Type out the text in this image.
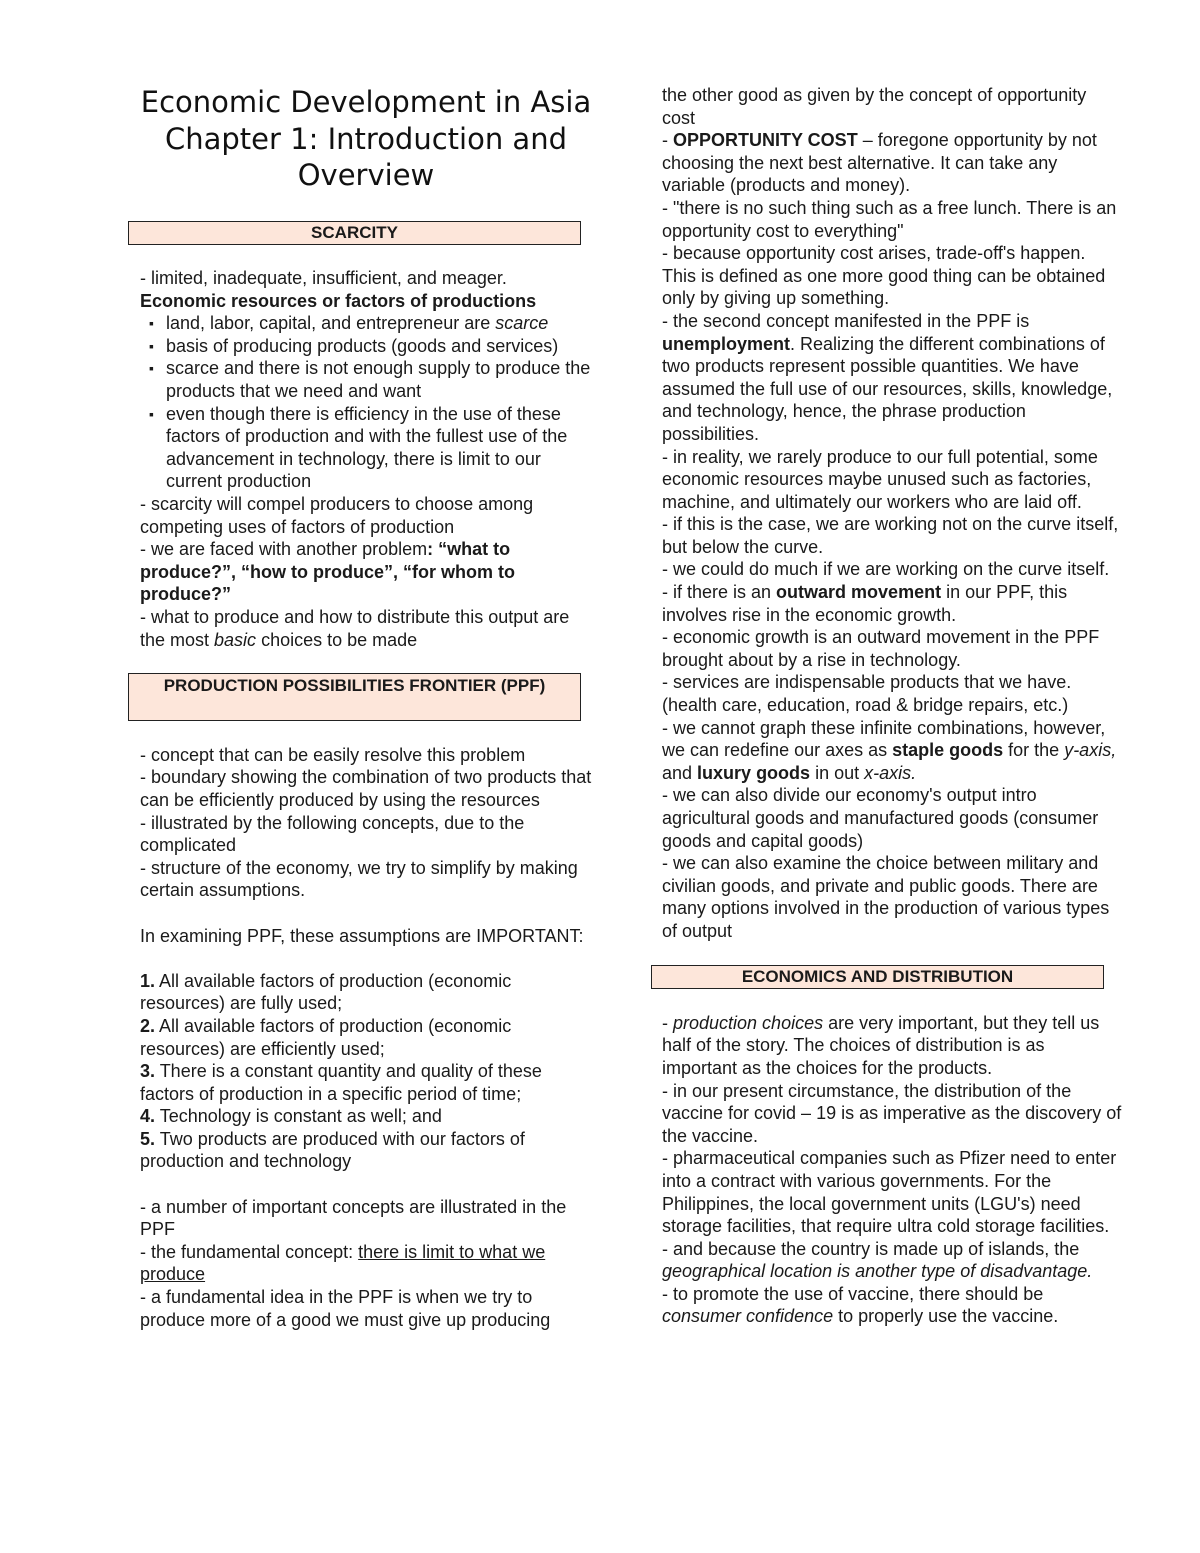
Economic Development in Asia
Chapter 1: Introduction and Overview
SCARCITY

- limited, inadequate, insufficient, and meager.

Economic resources or factors of productions

▪ land, labor, capital, and entrepreneur are scarce
▪ basis of producing products (goods and services)
▪ scarce and there is not enough supply to produce the products that we need and want
▪ even though there is efficiency in the use of these factors of production and with the fullest use of the advancement in technology, there is limit to our current production

- scarcity will compel producers to choose among competing uses of factors of production

- we are faced with another problem: “what to produce?”, “how to produce”, “for whom to produce?”

- what to produce and how to distribute this output are the most basic choices to be made

PRODUCTION POSSIBILITIES FRONTIER (PPF)

- concept that can be easily resolve this problem

- boundary showing the combination of two products that can be efficiently produced by using the resources

- illustrated by the following concepts, due to the complicated

- structure of the economy, we try to simplify by making certain assumptions.

In examining PPF, these assumptions are IMPORTANT:

1. All available factors of production (economic resources) are fully used;

2. All available factors of production (economic resources) are efficiently used;

3. There is a constant quantity and quality of these factors of production in a specific period of time;

4. Technology is constant as well; and

5. Two products are produced with our factors of production and technology

- a number of important concepts are illustrated in the PPF

- the fundamental concept: there is limit to what we produce

- a fundamental idea in the PPF is when we try to produce more of a good we must give up producing

the other good as given by the concept of opportunity cost

- OPPORTUNITY COST – foregone opportunity by not choosing the next best alternative. It can take any variable (products and money).

- "there is no such thing such as a free lunch. There is an opportunity cost to everything"

- because opportunity cost arises, trade-off's happen. This is defined as one more good thing can be obtained only by giving up something.

- the second concept manifested in the PPF is unemployment. Realizing the different combinations of two products represent possible quantities. We have assumed the full use of our resources, skills, knowledge, and technology, hence, the phrase production possibilities.

- in reality, we rarely produce to our full potential, some economic resources maybe unused such as factories, machine, and ultimately our workers who are laid off.

- if this is the case, we are working not on the curve itself, but below the curve.

- we could do much if we are working on the curve itself.

- if there is an outward movement in our PPF, this involves rise in the economic growth.

- economic growth is an outward movement in the PPF brought about by a rise in technology.

- services are indispensable products that we have. (health care, education, road & bridge repairs, etc.)

- we cannot graph these infinite combinations, however, we can redefine our axes as staple goods for the y-axis, and luxury goods in out x-axis.

- we can also divide our economy's output intro agricultural goods and manufactured goods (consumer goods and capital goods)

- we can also examine the choice between military and civilian goods, and private and public goods. There are many options involved in the production of various types of output

ECONOMICS AND DISTRIBUTION

- production choices are very important, but they tell us half of the story. The choices of distribution is as important as the choices for the products.

- in our present circumstance, the distribution of the vaccine for covid – 19 is as imperative as the discovery of the vaccine.

- pharmaceutical companies such as Pfizer need to enter into a contract with various governments. For the Philippines, the local government units (LGU's) need storage facilities, that require ultra cold storage facilities.

- and because the country is made up of islands, the geographical location is another type of disadvantage.

- to promote the use of vaccine, there should be consumer confidence to properly use the vaccine.
